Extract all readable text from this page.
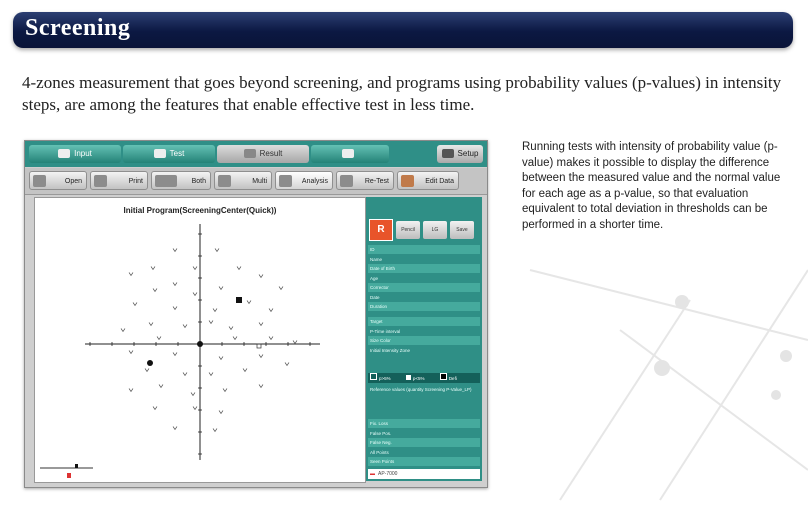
Screening
4-zones measurement that goes beyond screening, and programs using probability values (p-values) in intensity steps, are among the features that enable effective test in less time.
Running tests with intensity of probability value (p-value) makes it possible to display the difference between the measured value and the normal value for each age as a p-value, so that evaluation equivalent to total deviation in thresholds can be performed in a shorter time.
Input	Test	Result	Setup
Open	Print	Both	Multi	Analysis	Re-Test	Edit Data
Initial Program(ScreeningCenter(Quick))
R	Pencil	LG	Save
ID
Name
Date of Birth
Age
Corrector
Date
Duration
Target
P-Time interval
Size Color
Initial Intensity Zone
Fix. Loss
False Pos.
False Neg.
All Points
Seen Points
p>5%	p<5%	Defi
Reference values (quantity Screening P-Value_LP)
▬ AP-7000
